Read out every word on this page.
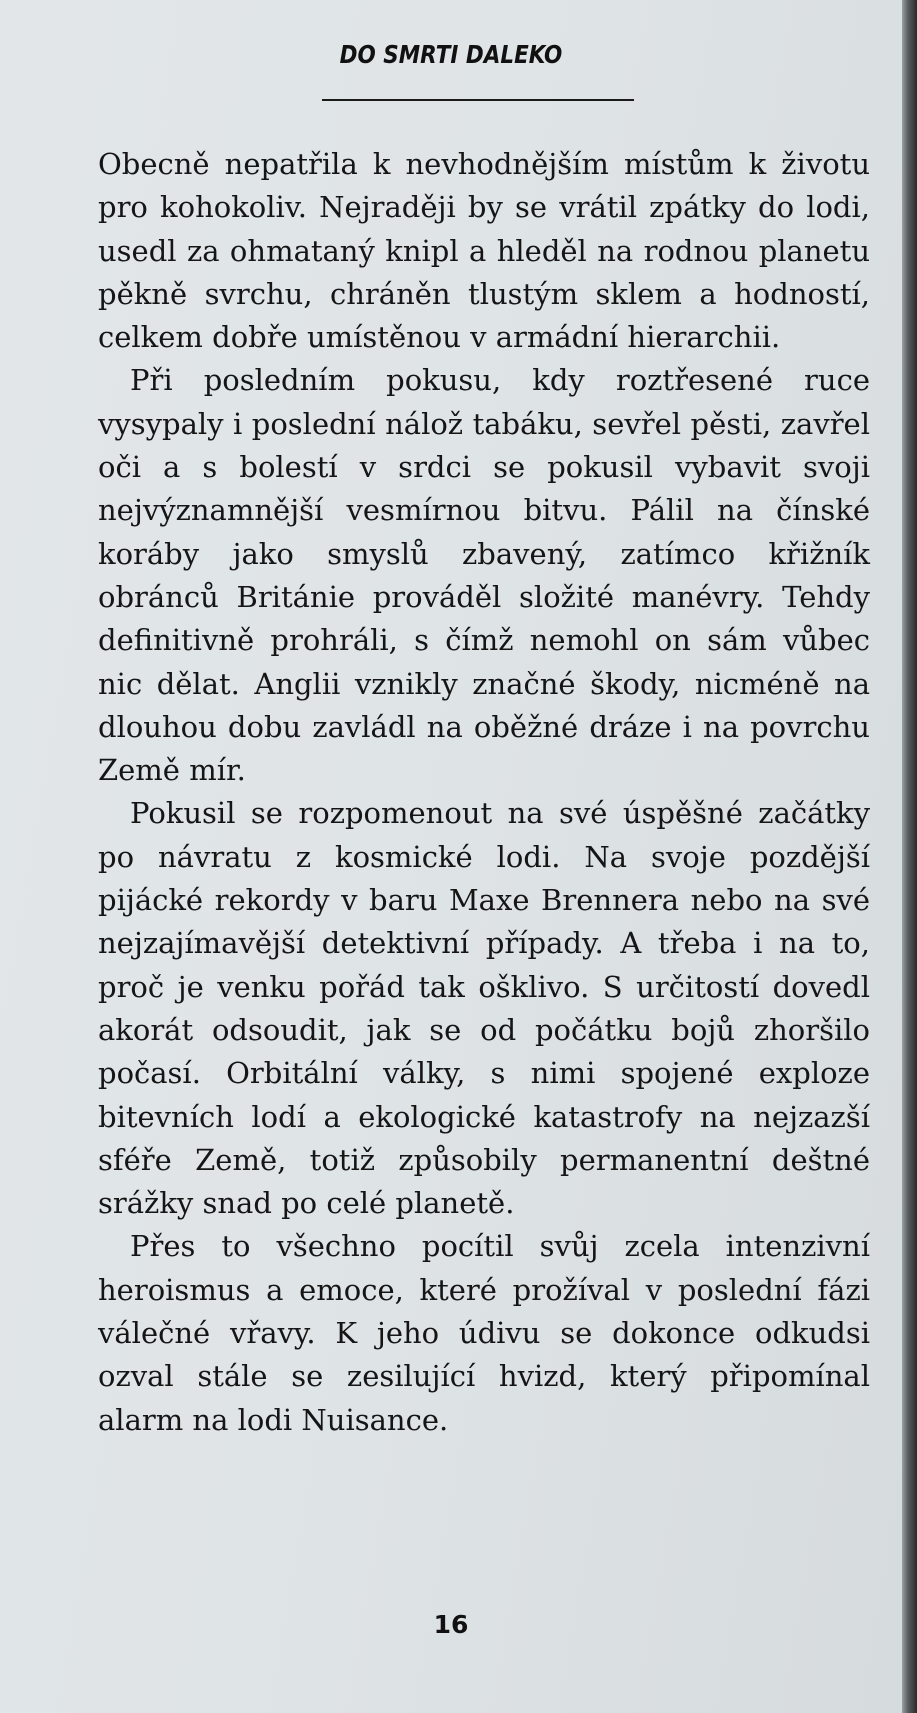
DO SMRTI DALEKO

Obecně nepatřila k nevhodnějším místům k životu pro kohokoliv. Nejraději by se vrátil zpátky do lodi, usedl za ohmataný knipl a hleděl na rodnou planetu pěkně svrchu, chráněn tlustým sklem a hodností, celkem dobře umístěnou v armádní hierarchii.

Při posledním pokusu, kdy roztřesené ruce vysypaly i poslední nálož tabáku, sevřel pěsti, zavřel oči a s bolestí v srdci se pokusil vybavit svoji nejvýznamnější vesmírnou bitvu. Pálil na čínské koráby jako smyslů zbavený, zatímco křižník obránců Británie prováděl složité manévry. Tehdy definitivně prohráli, s čímž nemohl on sám vůbec nic dělat. Anglii vznikly značné škody, nicméně na dlouhou dobu zavládl na oběžné dráze i na povrchu Země mír.

Pokusil se rozpomenout na své úspěšné začátky po návratu z kosmické lodi. Na svoje pozdější pijácké rekordy v baru Maxe Brennera nebo na své nejzajímavější detektivní případy. A třeba i na to, proč je venku pořád tak ošklivo. S určitostí dovedl akorát odsoudit, jak se od počátku bojů zhoršilo počasí. Orbitální války, s nimi spojené exploze bitevních lodí a ekologické katastrofy na nejzazší sféře Země, totiž způsobily permanentní deštné srážky snad po celé planetě.

Přes to všechno pocítil svůj zcela intenzivní heroismus a emoce, které prožíval v poslední fázi válečné vřavy. K jeho údivu se dokonce odkudsi ozval stále se zesilující hvizd, který připomínal alarm na lodi Nuisance.

16
